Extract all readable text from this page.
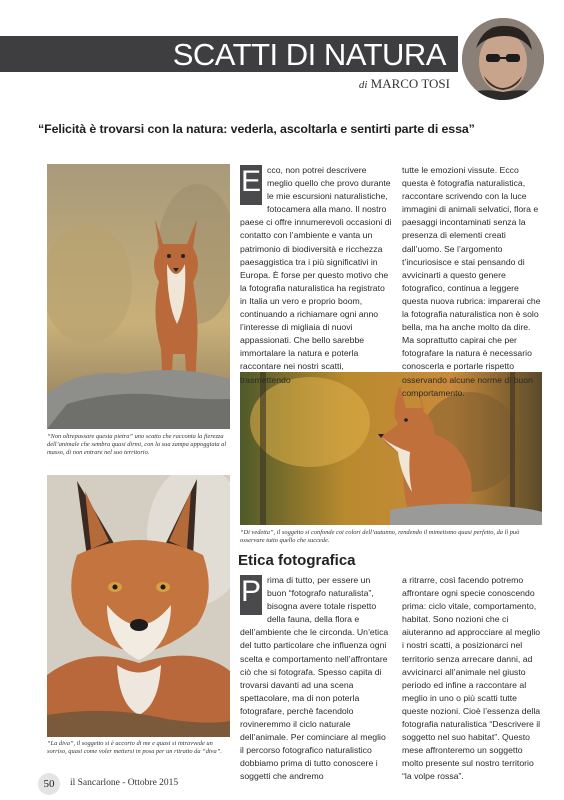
SCATTI DI NATURA
di MARCO TOSI
“Felicità è trovarsi con la natura: vederla, ascoltarla e sentirti parte di essa”
“Non oltrepassare questa pietra” uno scatto che racconta la fierezza dell’animale che sembra quasi dirmi, con la sua zampa appoggiata al masso, di non entrare nel suo territorio.
“Di vedetta”, il soggetto si confonde coi colori dell’autunno, rendendo il mimetismo quasi perfetto, da lì può osservare tutto quello che succede.
“La diva”, il soggetto si è accorto di me e quasi si intravvede un sorriso, quasi come voler mettersi in posa per un ritratto da “diva”.

E cco, non potrei descrivere meglio quello che provo durante le mie escursioni naturalistiche, fotocamera alla mano. Il nostro paese ci offre innumerevoli occasioni di contatto con l’ambiente e vanta un patrimonio di biodiversità e ricchezza paesaggistica tra i più significativi in Europa. È forse per questo motivo che la fotografia naturalistica ha registrato in Italia un vero e proprio boom, continuando a richiamare ogni anno l’interesse di migliaia di nuovi appassionati. Che bello sarebbe immortalare la natura e poterla raccontare nei nostri scatti, trasmettendo

tutte le emozioni vissute. Ecco questa è fotografia naturalistica, raccontare scrivendo con la luce immagini di animali selvatici, flora e paesaggi incontaminati senza la presenza di elementi creati dall’uomo. Se l’argomento t’incuriosisce e stai pensando di avvicinarti a questo genere fotografico, continua a leggere questa nuova rubrica: imparerai che la fotografia naturalistica non è solo bella, ma ha anche molto da dire. Ma soprattutto capirai che per fotografare la natura è necessario conoscerla e portarle rispetto osservando alcune norme di buon comportamento.

Etica fotografica

P rima di tutto, per essere un buon “fotografo naturalista”, bisogna avere totale rispetto della fauna, della flora e dell’ambiente che le circonda. Un’etica del tutto particolare che influenza ogni scelta e comportamento nell’affrontare ciò che si fotografa. Spesso capita di trovarsi davanti ad una scena spettacolare, ma di non poterla fotografare, perchè facendolo rovineremmo il ciclo naturale dell’animale. Per cominciare al meglio il percorso fotografico naturalistico dobbiamo prima di tutto conoscere i soggetti che andremo

a ritrarre, così facendo potremo affrontare ogni specie conoscendo prima: ciclo vitale, comportamento, habitat. Sono nozioni che ci aiuteranno ad approcciare al meglio i nostri scatti, a posizionarci nel territorio senza arrecare danni, ad avvicinarci all’animale nel giusto periodo ed infine a raccontare al meglio in uno o più scatti tutte queste nozioni. Cioè l’essenza della fotografia naturalistica “Descrivere il soggetto nel suo habitat”. Questo mese affronteremo un soggetto molto presente sul nostro territorio “la volpe rossa”.

50	il Sancarlone - Ottobre 2015
